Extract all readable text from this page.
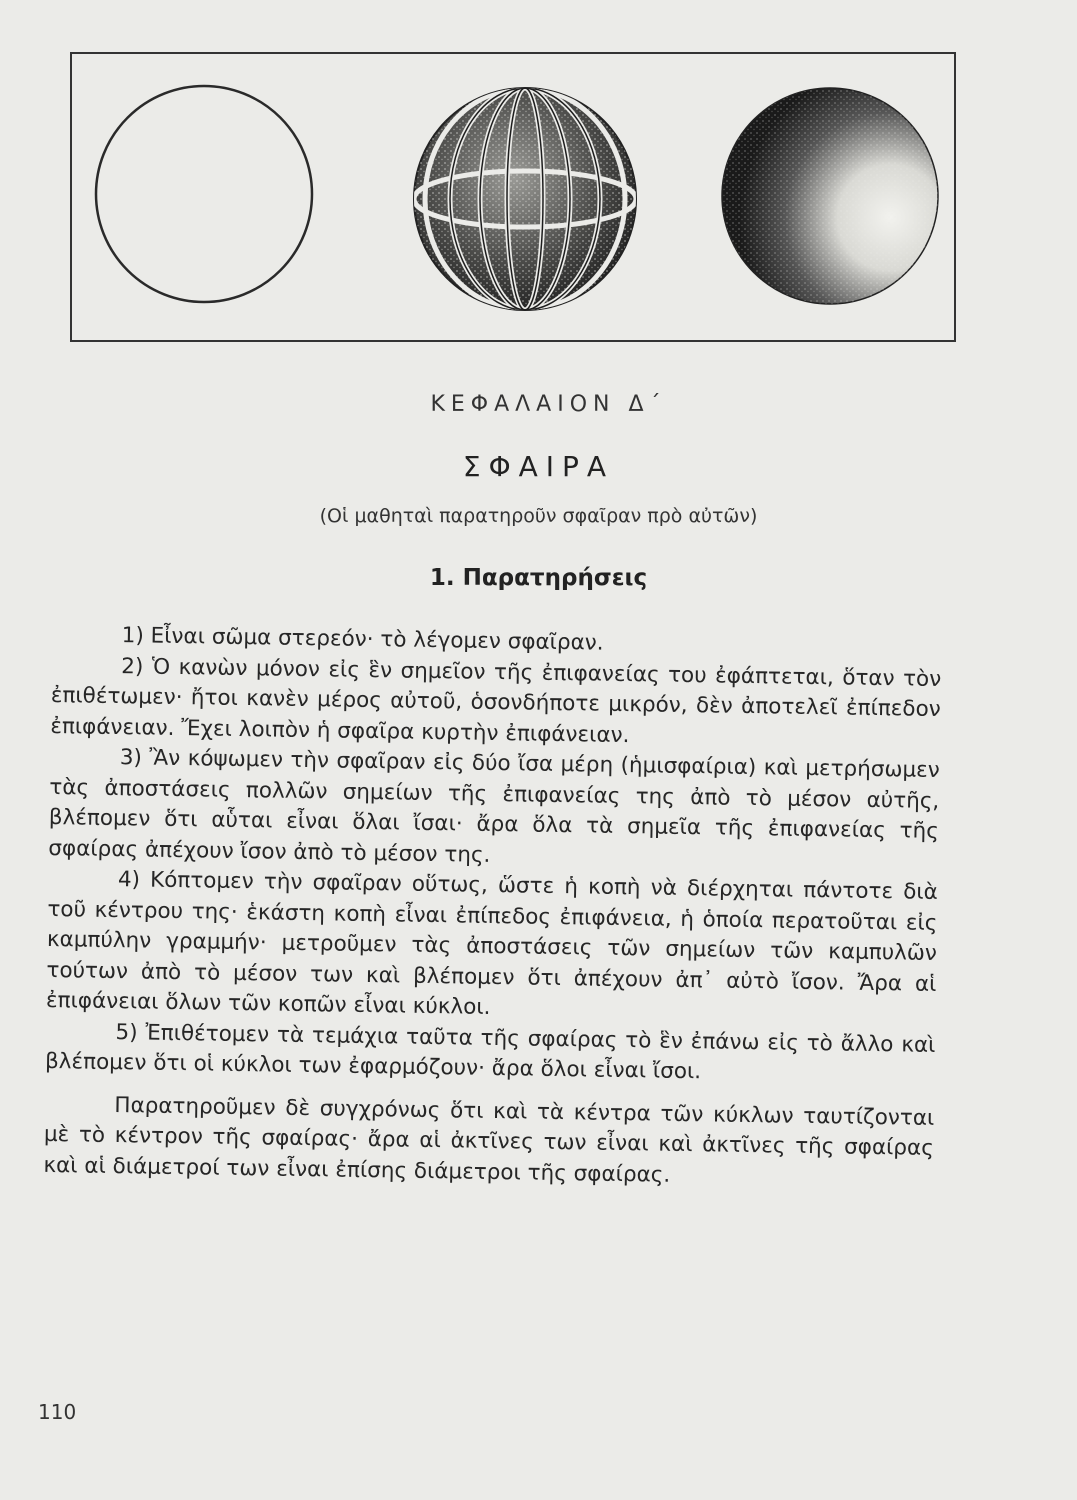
ΚΕΦΑΛΑΙΟΝ Δ΄
ΣΦΑΙΡΑ
(Οἱ μαθηταὶ παρατηροῦν σφαῖραν πρὸ αὐτῶν)
1. Παρατηρήσεις

1) Εἶναι σῶμα στερεόν· τὸ λέγομεν σφαῖραν.

2) Ὁ κανὼν μόνον εἰς ἓν σημεῖον τῆς ἐπιφανείας του ἐφάπτεται, ὅταν τὸν ἐπιθέτωμεν· ἤτοι κανὲν μέρος αὐτοῦ, ὁσονδήποτε μικρόν, δὲν ἀποτελεῖ ἐπίπεδον ἐπιφάνειαν. Ἔχει λοιπὸν ἡ σφαῖρα κυρτὴν ἐπιφάνειαν.

3) Ἂν κόψωμεν τὴν σφαῖραν εἰς δύο ἴσα μέρη (ἡμισφαίρια) καὶ μετρήσωμεν τὰς ἀποστάσεις πολλῶν σημείων τῆς ἐπιφανείας της ἀπὸ τὸ μέσον αὐτῆς, βλέπομεν ὅτι αὗται εἶναι ὅλαι ἴσαι· ἄρα ὅλα τὰ σημεῖα τῆς ἐπιφανείας τῆς σφαίρας ἀπέχουν ἴσον ἀπὸ τὸ μέσον της.

4) Κόπτομεν τὴν σφαῖραν οὕτως, ὥστε ἡ κοπὴ νὰ διέρχηται πάντοτε διὰ τοῦ κέντρου της· ἑκάστη κοπὴ εἶναι ἐπίπεδος ἐπιφάνεια, ἡ ὁποία περατοῦται εἰς καμπύλην γραμμήν· μετροῦμεν τὰς ἀποστάσεις τῶν σημείων τῶν καμπυλῶν τούτων ἀπὸ τὸ μέσον των καὶ βλέπομεν ὅτι ἀπέχουν ἀπ᾽ αὐτὸ ἴσον. Ἄρα αἱ ἐπιφάνειαι ὅλων τῶν κοπῶν εἶναι κύκλοι.

5) Ἐπιθέτομεν τὰ τεμάχια ταῦτα τῆς σφαίρας τὸ ἓν ἐπάνω εἰς τὸ ἄλλο καὶ βλέπομεν ὅτι οἱ κύκλοι των ἐφαρμόζουν· ἄρα ὅλοι εἶναι ἴσοι.

Παρατηροῦμεν δὲ συγχρόνως ὅτι καὶ τὰ κέντρα τῶν κύκλων ταυτίζονται μὲ τὸ κέντρον τῆς σφαίρας· ἄρα αἱ ἀκτῖνες των εἶναι καὶ ἀκτῖνες τῆς σφαίρας καὶ αἱ διάμετροί των εἶναι ἐπίσης διάμετροι τῆς σφαίρας.

110
